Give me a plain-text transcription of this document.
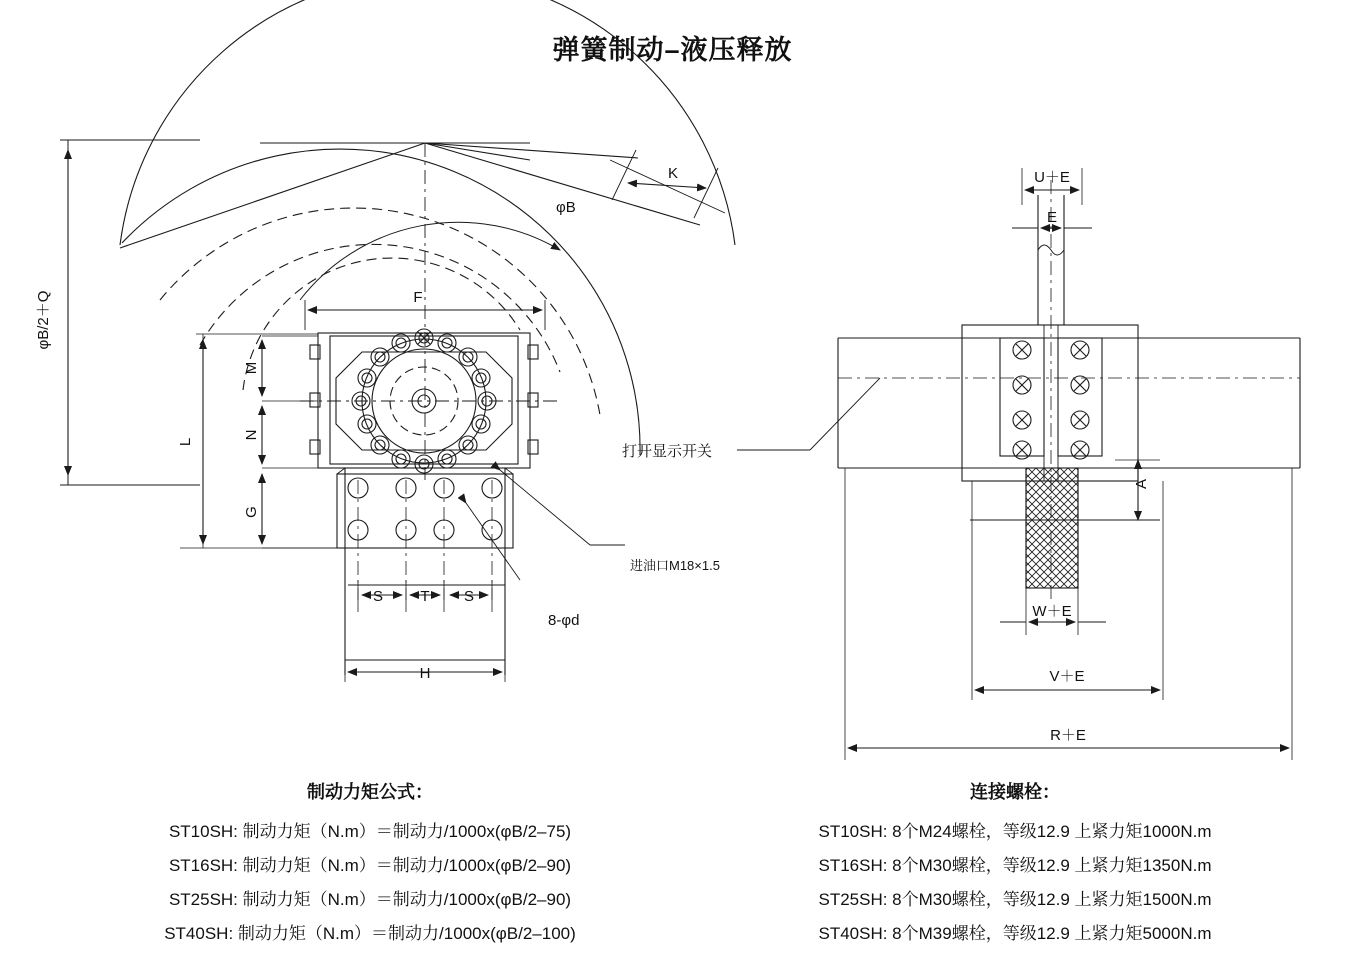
弹簧制动–液压释放
φB/2＋Q
φB
K
F
M
N
L
G
S T S
H
8-φd
进油口M18×1.5
打开显示开关
U＋E
E
A
W＋E
V＋E
R＋E
制动力矩公式：
ST10SH: 制动力矩（N.m）＝制动力/1000x(φB/2–75)
ST16SH: 制动力矩（N.m）＝制动力/1000x(φB/2–90)
ST25SH: 制动力矩（N.m）＝制动力/1000x(φB/2–90)
ST40SH: 制动力矩（N.m）＝制动力/1000x(φB/2–100)
连接螺栓：
ST10SH: 8个M24螺栓，等级12.9 上紧力矩1000N.m
ST16SH: 8个M30螺栓，等级12.9 上紧力矩1350N.m
ST25SH: 8个M30螺栓，等级12.9 上紧力矩1500N.m
ST40SH: 8个M39螺栓，等级12.9 上紧力矩5000N.m
